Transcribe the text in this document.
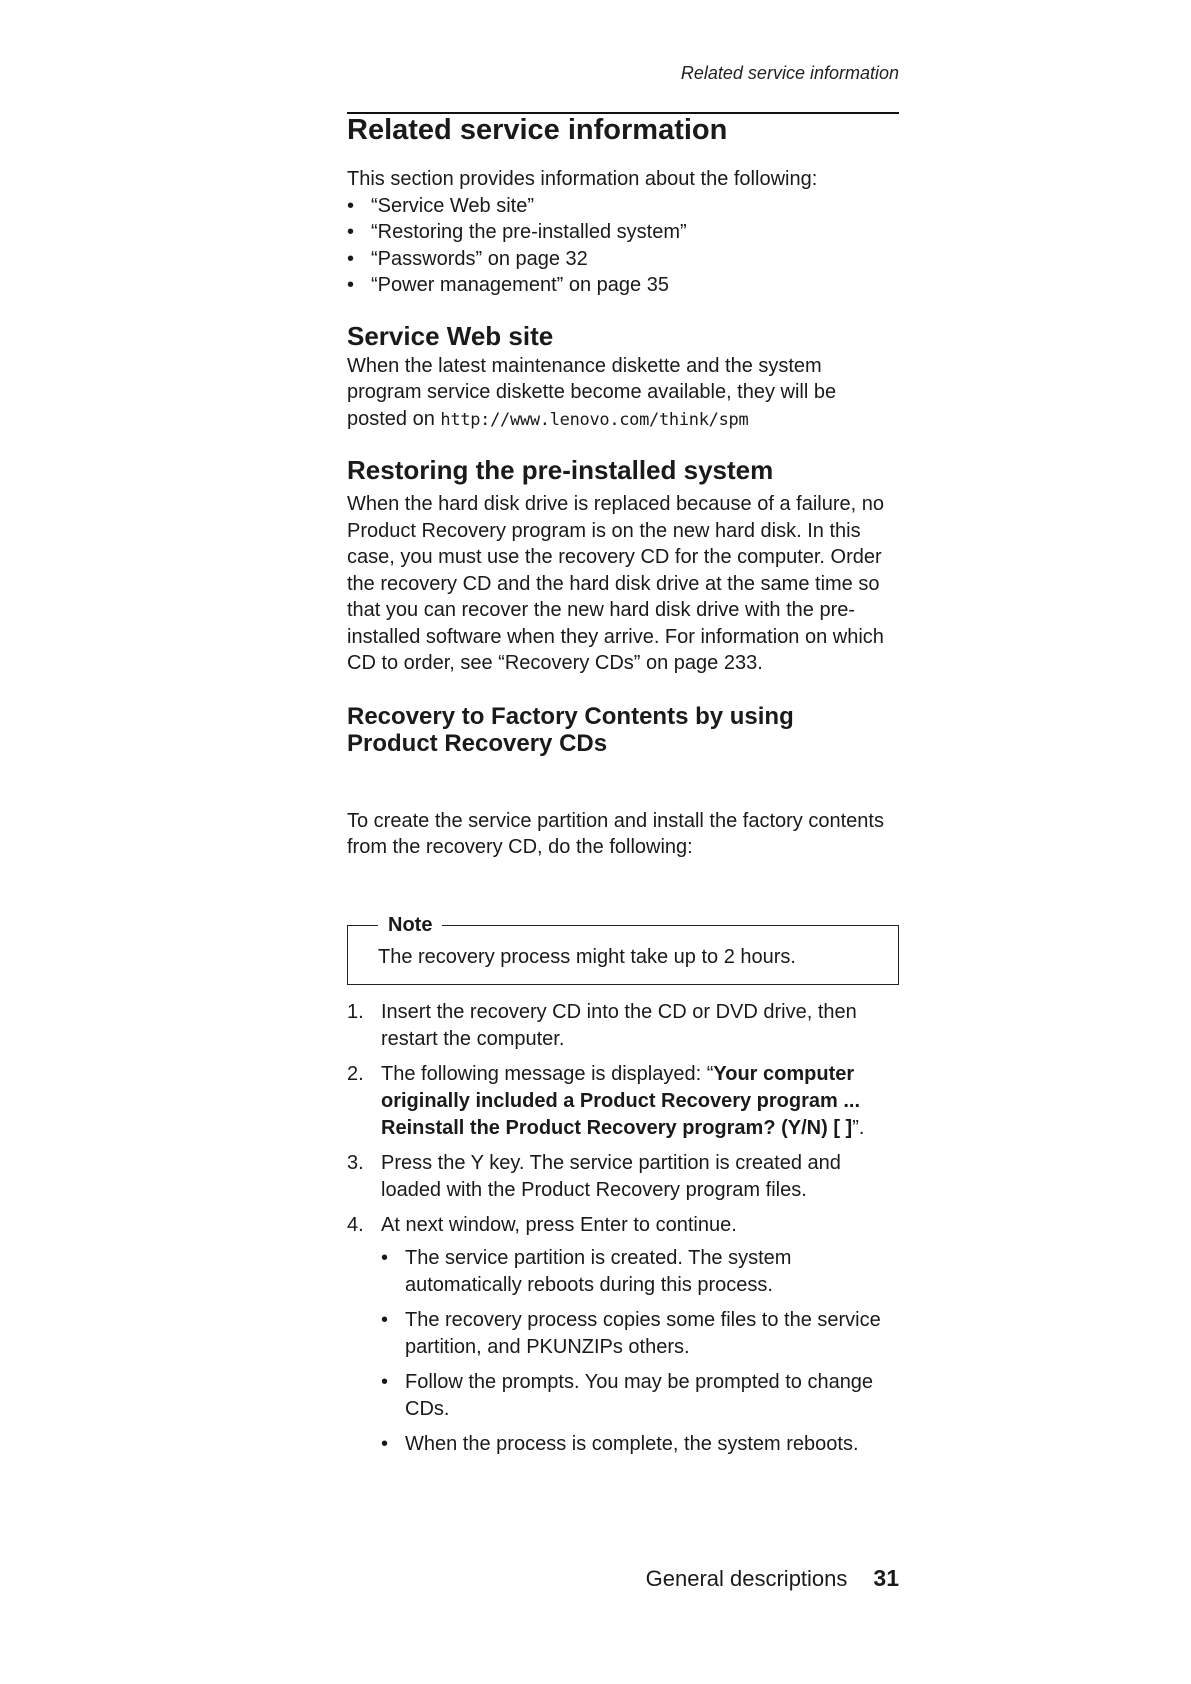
Related service information
Related service information

This section provides information about the following:

• “Service Web site”
• “Restoring the pre-installed system”
• “Passwords” on page 32
• “Power management” on page 35
Service Web site

When the latest maintenance diskette and the system program service diskette become available, they will be posted on http://www.lenovo.com/think/spm

Restoring the pre-installed system

When the hard disk drive is replaced because of a failure, no Product Recovery program is on the new hard disk. In this case, you must use the recovery CD for the computer. Order the recovery CD and the hard disk drive at the same time so that you can recover the new hard disk drive with the pre-installed software when they arrive. For information on which CD to order, see “Recovery CDs” on page 233.

Recovery to Factory Contents by using
Product Recovery CDs

To create the service partition and install the factory contents from the recovery CD, do the following:

Note
The recovery process might take up to 2 hours.
1. Insert the recovery CD into the CD or DVD drive, then restart the computer.
2. The following message is displayed: “Your computer originally included a Product Recovery program ... Reinstall the Product Recovery program? (Y/N) [ ]”.
3. Press the Y key. The service partition is created and loaded with the Product Recovery program files.
4. At next window, press Enter to continue.
• The service partition is created. The system automatically reboots during this process.
• The recovery process copies some files to the service partition, and PKUNZIPs others.
• Follow the prompts. You may be prompted to change CDs.
• When the process is complete, the system reboots.
General descriptions 31
